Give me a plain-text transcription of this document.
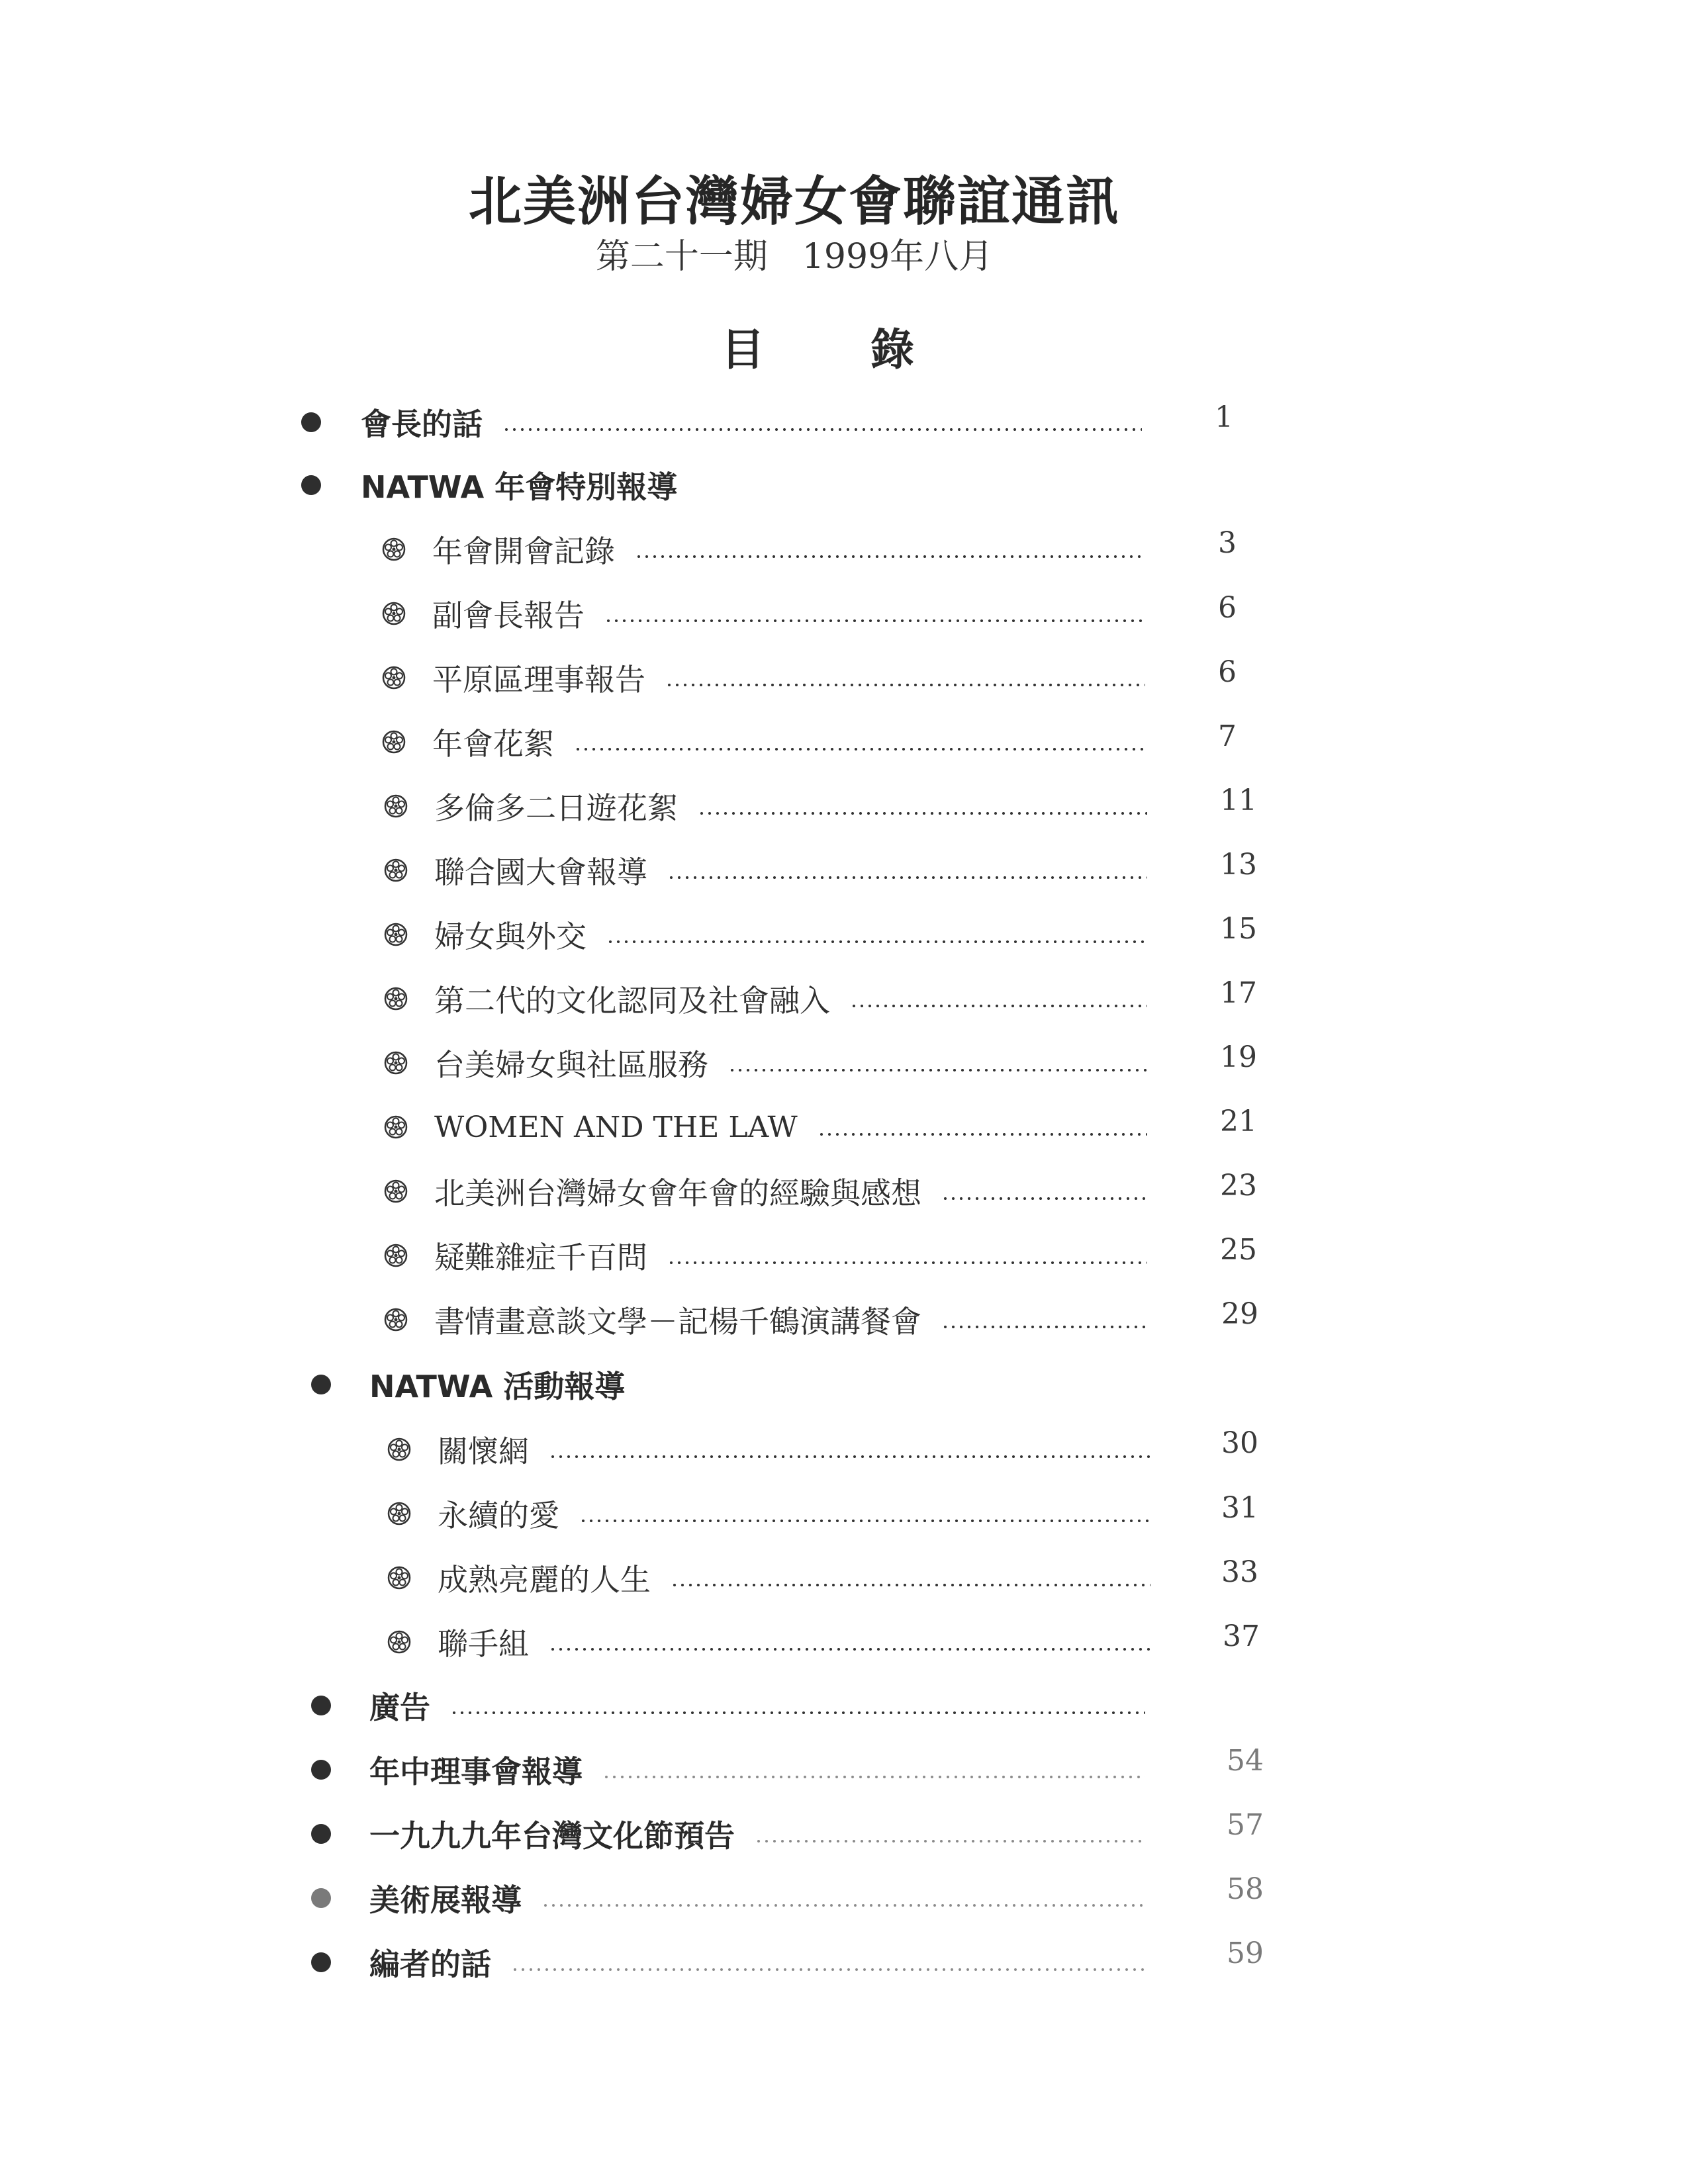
北美洲台灣婦女會聯誼通訊
第二十一期　1999年八月
目錄
會長的話	1
NATWA 年會特別報導
年會開會記錄	3
副會長報告	6
平原區理事報告	6
年會花絮	7
多倫多二日遊花絮	11
聯合國大會報導	13
婦女與外交	15
第二代的文化認同及社會融入	17
台美婦女與社區服務	19
WOMEN AND THE LAW	21
北美洲台灣婦女會年會的經驗與感想	23
疑難雜症千百問	25
書情畫意談文學－記楊千鶴演講餐會	29
NATWA 活動報導
關懷網	30
永續的愛	31
成熟亮麗的人生	33
聯手組	37
廣告
年中理事會報導	54
一九九九年台灣文化節預告	57
美術展報導	58
編者的話	59
